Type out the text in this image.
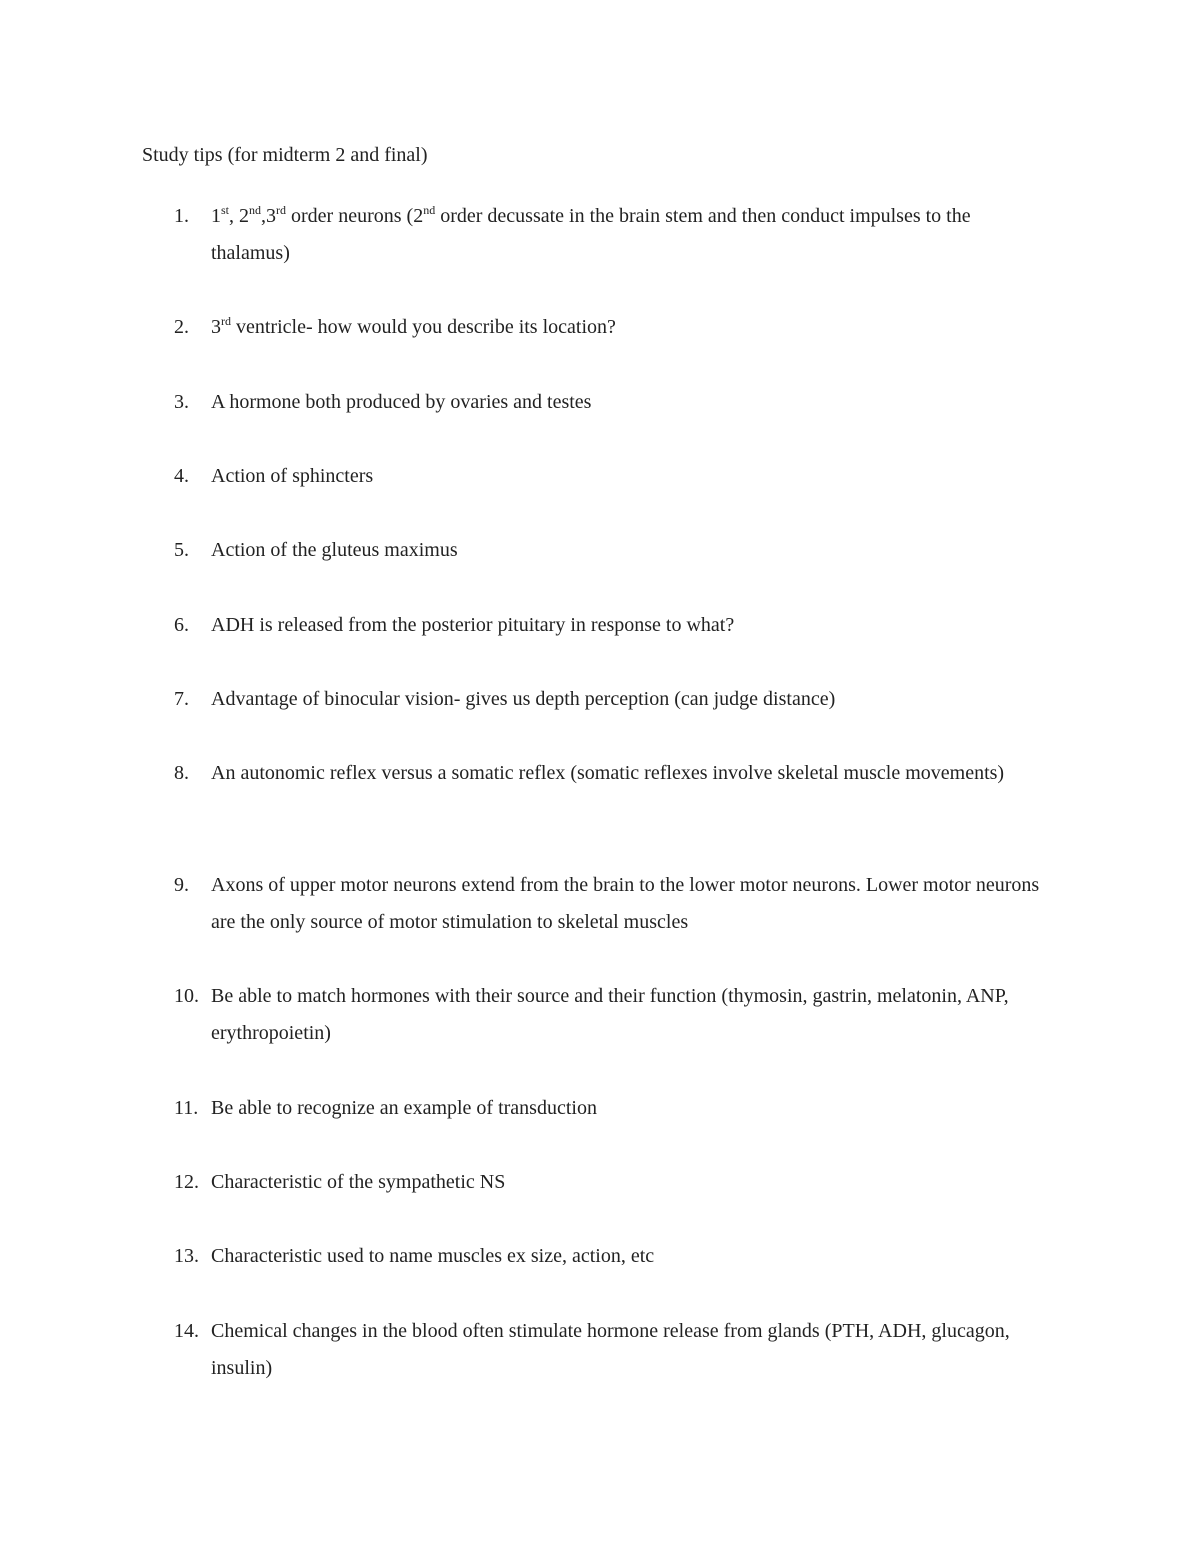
Study tips (for midterm 2 and final)
1. 1st, 2nd,3rd order neurons (2nd order decussate in the brain stem and then conduct impulses to the thalamus)
2. 3rd ventricle- how would you describe its location?
3. A hormone both produced by ovaries and testes
4. Action of sphincters
5. Action of the gluteus maximus
6. ADH is released from the posterior pituitary in response to what?
7. Advantage of binocular vision- gives us depth perception (can judge distance)
8. An autonomic reflex versus a somatic reflex (somatic reflexes involve skeletal muscle movements)
9. Axons of upper motor neurons extend from the brain to the lower motor neurons. Lower motor neurons are the only source of motor stimulation to skeletal muscles
10. Be able to match hormones with their source and their function (thymosin, gastrin, melatonin, ANP, erythropoietin)
11. Be able to recognize an example of transduction
12. Characteristic of the sympathetic NS
13. Characteristic used to name muscles ex size, action, etc
14. Chemical changes in the blood often stimulate hormone release from glands (PTH, ADH, glucagon, insulin)
